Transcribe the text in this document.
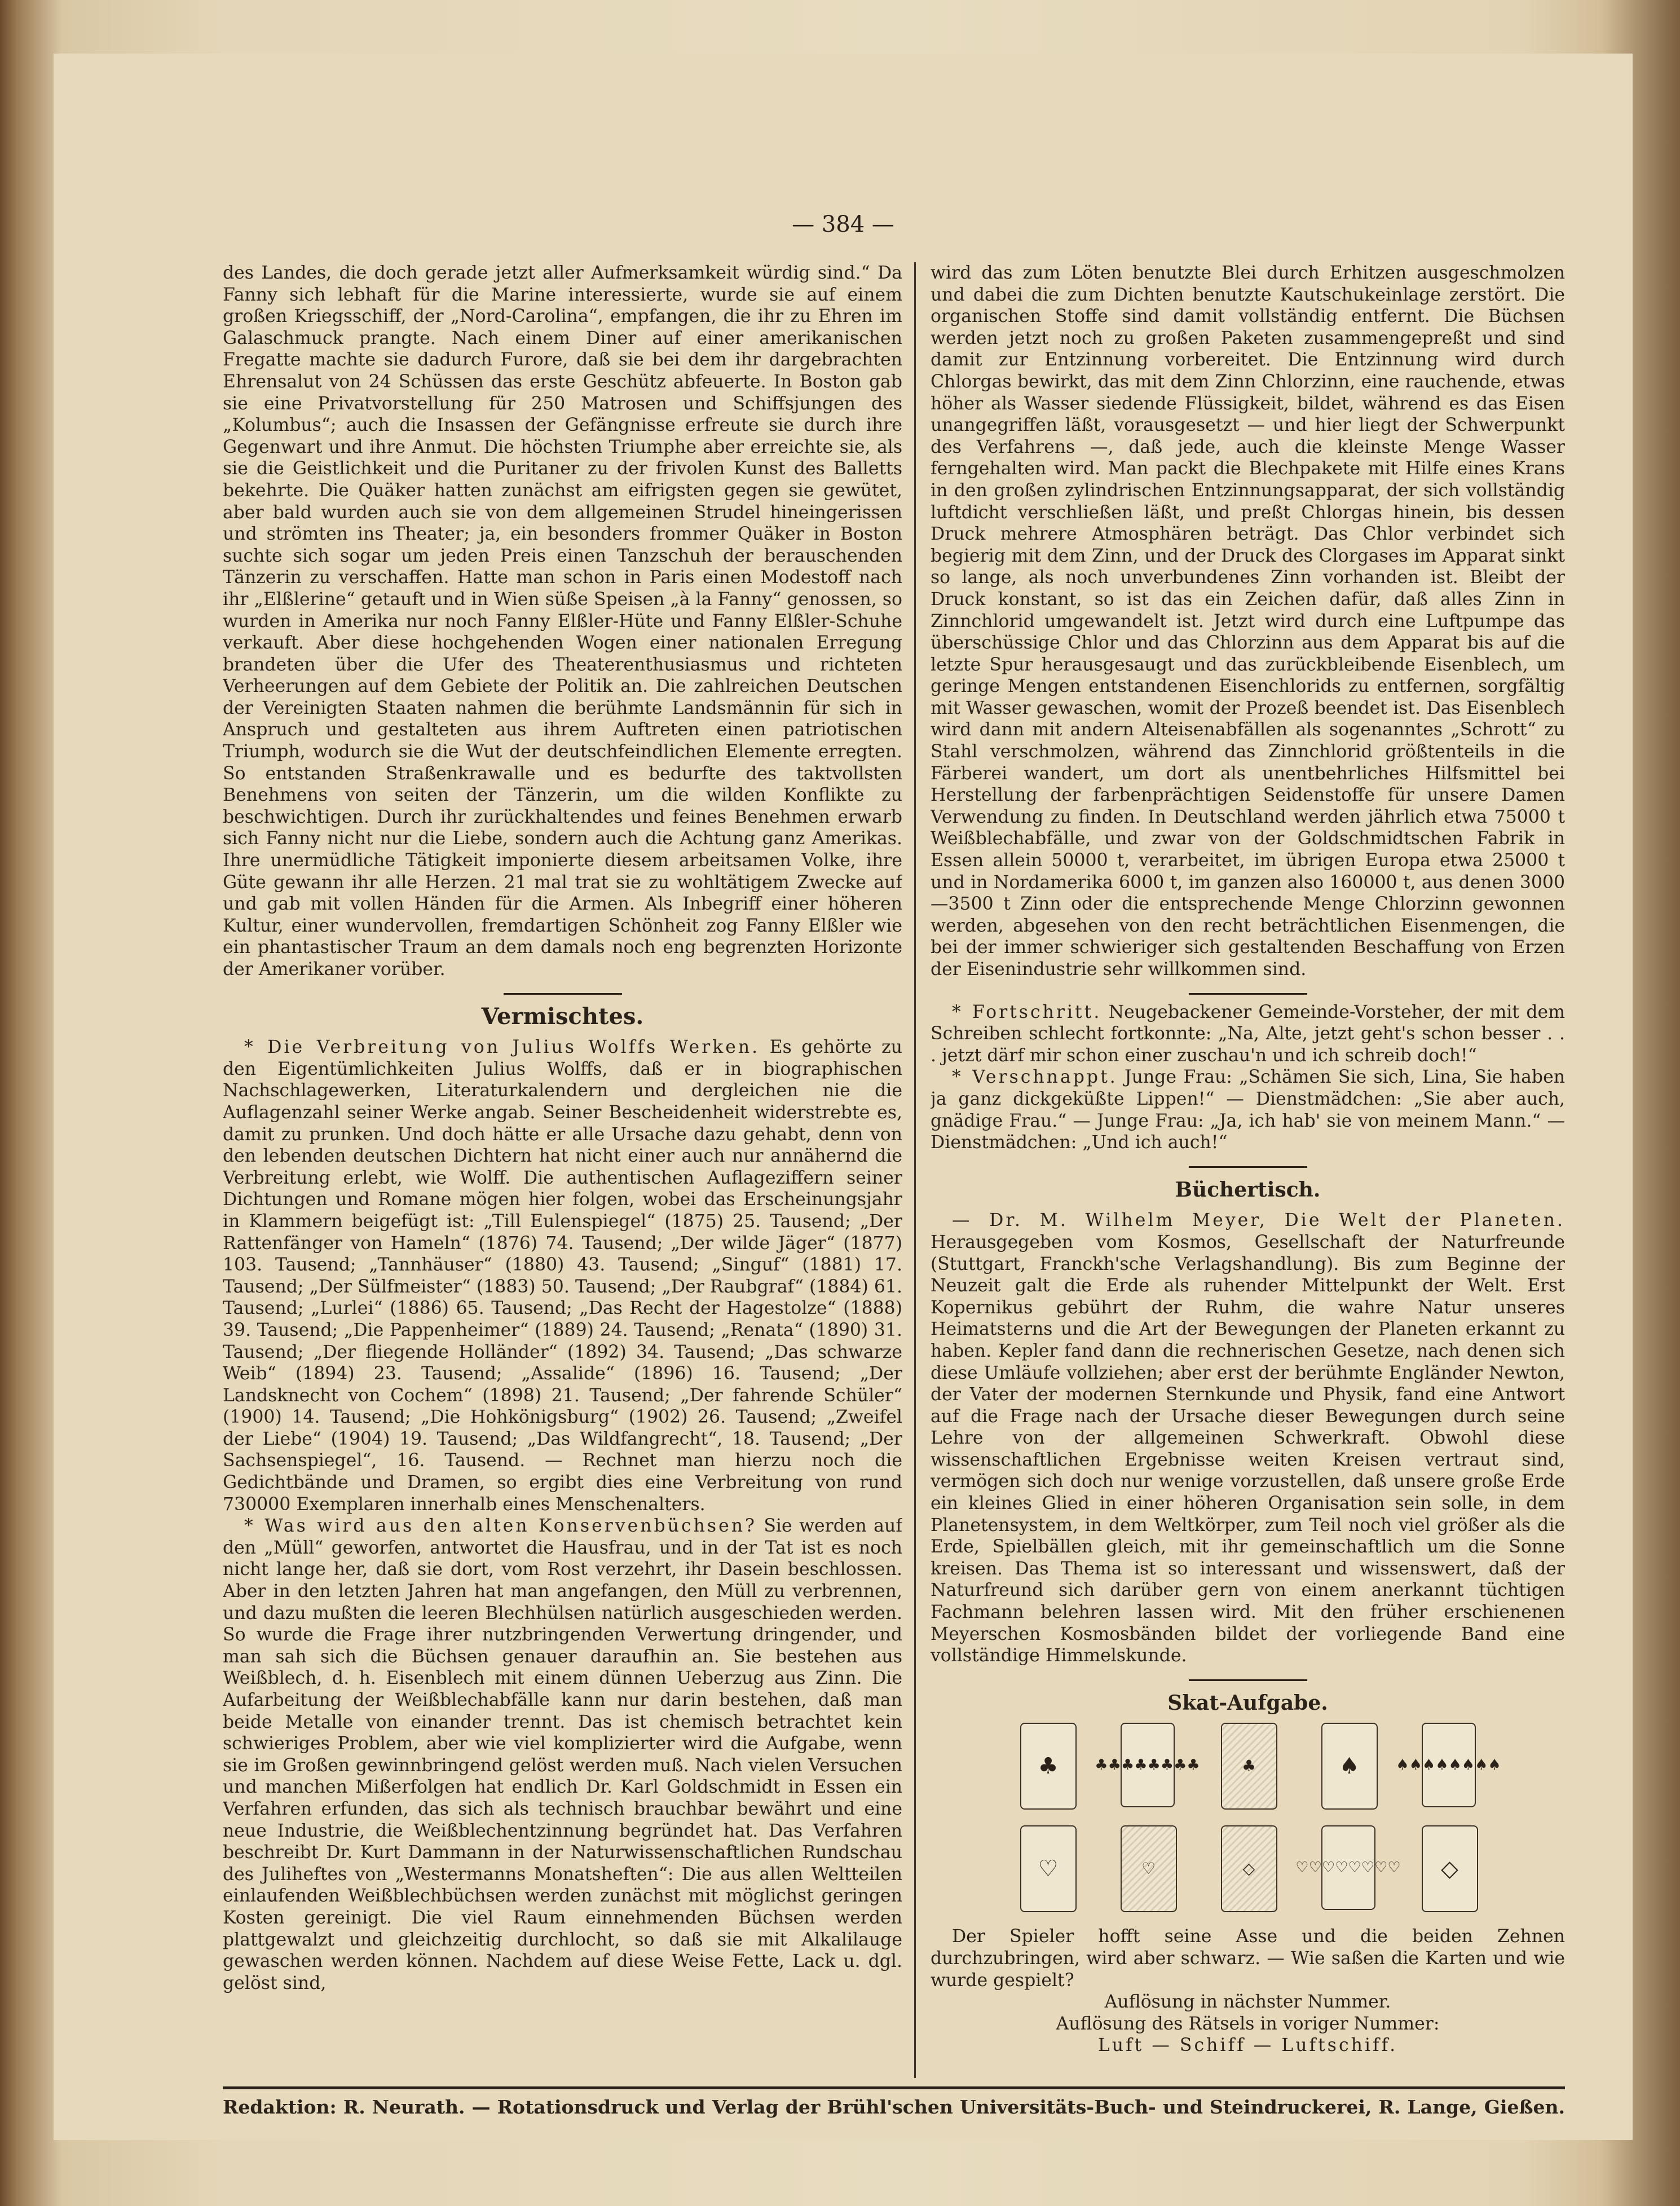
— 384 —

des Landes, die doch gerade jetzt aller Aufmerksamkeit würdig sind.“ Da Fanny sich lebhaft für die Marine interessierte, wurde sie auf einem großen Kriegsschiff, der „Nord-Carolina“, empfangen, die ihr zu Ehren im Galaschmuck prangte. Nach einem Diner auf einer amerikanischen Fregatte machte sie dadurch Furore, daß sie bei dem ihr dargebrachten Ehrensalut von 24 Schüssen das erste Geschütz abfeuerte. In Boston gab sie eine Privatvorstellung für 250 Matrosen und Schiffsjungen des „Kolumbus“; auch die Insassen der Gefängnisse erfreute sie durch ihre Gegenwart und ihre Anmut. Die höchsten Triumphe aber erreichte sie, als sie die Geistlichkeit und die Puritaner zu der frivolen Kunst des Balletts bekehrte. Die Quäker hatten zunächst am eifrigsten gegen sie gewütet, aber bald wurden auch sie von dem allgemeinen Strudel hineingerissen und strömten ins Theater; ja, ein besonders frommer Quäker in Boston suchte sich sogar um jeden Preis einen Tanzschuh der berauschenden Tänzerin zu verschaffen. Hatte man schon in Paris einen Modestoff nach ihr „Elßlerine“ getauft und in Wien süße Speisen „à la Fanny“ genossen, so wurden in Amerika nur noch Fanny Elßler-Hüte und Fanny Elßler-Schuhe verkauft. Aber diese hochgehenden Wogen einer nationalen Erregung brandeten über die Ufer des Theaterenthusiasmus und richteten Verheerungen auf dem Gebiete der Politik an. Die zahlreichen Deutschen der Vereinigten Staaten nahmen die berühmte Landsmännin für sich in Anspruch und gestalteten aus ihrem Auftreten einen patriotischen Triumph, wodurch sie die Wut der deutschfeindlichen Elemente erregten. So entstanden Straßenkrawalle und es bedurfte des taktvollsten Benehmens von seiten der Tänzerin, um die wilden Konflikte zu beschwichtigen. Durch ihr zurückhaltendes und feines Benehmen erwarb sich Fanny nicht nur die Liebe, sondern auch die Achtung ganz Amerikas. Ihre unermüdliche Tätigkeit imponierte diesem arbeitsamen Volke, ihre Güte gewann ihr alle Herzen. 21 mal trat sie zu wohltätigem Zwecke auf und gab mit vollen Händen für die Armen. Als Inbegriff einer höheren Kultur, einer wundervollen, fremdartigen Schönheit zog Fanny Elßler wie ein phantastischer Traum an dem damals noch eng begrenzten Horizonte der Amerikaner vorüber.

Vermischtes.

* Die Verbreitung von Julius Wolffs Werken. Es gehörte zu den Eigentümlichkeiten Julius Wolffs, daß er in biographischen Nachschlagewerken, Literaturkalendern und dergleichen nie die Auflagenzahl seiner Werke angab. Seiner Bescheidenheit widerstrebte es, damit zu prunken. Und doch hätte er alle Ursache dazu gehabt, denn von den lebenden deutschen Dichtern hat nicht einer auch nur annähernd die Verbreitung erlebt, wie Wolff. Die authentischen Auflageziffern seiner Dichtungen und Romane mögen hier folgen, wobei das Erscheinungsjahr in Klammern beigefügt ist: „Till Eulenspiegel“ (1875) 25. Tausend; „Der Rattenfänger von Hameln“ (1876) 74. Tausend; „Der wilde Jäger“ (1877) 103. Tausend; „Tannhäuser“ (1880) 43. Tausend; „Singuf“ (1881) 17. Tausend; „Der Sülfmeister“ (1883) 50. Tausend; „Der Raubgraf“ (1884) 61. Tausend; „Lurlei“ (1886) 65. Tausend; „Das Recht der Hagestolze“ (1888) 39. Tausend; „Die Pappenheimer“ (1889) 24. Tausend; „Renata“ (1890) 31. Tausend; „Der fliegende Holländer“ (1892) 34. Tausend; „Das schwarze Weib“ (1894) 23. Tausend; „Assalide“ (1896) 16. Tausend; „Der Landsknecht von Cochem“ (1898) 21. Tausend; „Der fahrende Schüler“ (1900) 14. Tausend; „Die Hohkönigsburg“ (1902) 26. Tausend; „Zweifel der Liebe“ (1904) 19. Tausend; „Das Wildfangrecht“, 18. Tausend; „Der Sachsenspiegel“, 16. Tausend. — Rechnet man hierzu noch die Gedichtbände und Dramen, so ergibt dies eine Verbreitung von rund 730000 Exemplaren innerhalb eines Menschenalters.

* Was wird aus den alten Konservenbüchsen? Sie werden auf den „Müll“ geworfen, antwortet die Hausfrau, und in der Tat ist es noch nicht lange her, daß sie dort, vom Rost verzehrt, ihr Dasein beschlossen. Aber in den letzten Jahren hat man angefangen, den Müll zu verbrennen, und dazu mußten die leeren Blechhülsen natürlich ausgeschieden werden. So wurde die Frage ihrer nutzbringenden Verwertung dringender, und man sah sich die Büchsen genauer daraufhin an. Sie bestehen aus Weißblech, d. h. Eisenblech mit einem dünnen Ueberzug aus Zinn. Die Aufarbeitung der Weißblechabfälle kann nur darin bestehen, daß man beide Metalle von einander trennt. Das ist chemisch betrachtet kein schwieriges Problem, aber wie viel komplizierter wird die Aufgabe, wenn sie im Großen gewinnbringend gelöst werden muß. Nach vielen Versuchen und manchen Mißerfolgen hat endlich Dr. Karl Goldschmidt in Essen ein Verfahren erfunden, das sich als technisch brauchbar bewährt und eine neue Industrie, die Weißblechentzinnung begründet hat. Das Verfahren beschreibt Dr. Kurt Dammann in der Naturwissenschaftlichen Rundschau des Juliheftes von „Westermanns Monatsheften“: Die aus allen Weltteilen einlaufenden Weißblechbüchsen werden zunächst mit möglichst geringen Kosten gereinigt. Die viel Raum einnehmenden Büchsen werden plattgewalzt und gleichzeitig durchlocht, so daß sie mit Alkalilauge gewaschen werden können. Nachdem auf diese Weise Fette, Lack u. dgl. gelöst sind,

wird das zum Löten benutzte Blei durch Erhitzen ausgeschmolzen und dabei die zum Dichten benutzte Kautschukeinlage zerstört. Die organischen Stoffe sind damit vollständig entfernt. Die Büchsen werden jetzt noch zu großen Paketen zusammengepreßt und sind damit zur Entzinnung vorbereitet. Die Entzinnung wird durch Chlorgas bewirkt, das mit dem Zinn Chlorzinn, eine rauchende, etwas höher als Wasser siedende Flüssigkeit, bildet, während es das Eisen unangegriffen läßt, vorausgesetzt — und hier liegt der Schwerpunkt des Verfahrens —, daß jede, auch die kleinste Menge Wasser ferngehalten wird. Man packt die Blechpakete mit Hilfe eines Krans in den großen zylindrischen Entzinnungsapparat, der sich vollständig luftdicht verschließen läßt, und preßt Chlorgas hinein, bis dessen Druck mehrere Atmosphären beträgt. Das Chlor verbindet sich begierig mit dem Zinn, und der Druck des Clorgases im Apparat sinkt so lange, als noch unverbundenes Zinn vorhanden ist. Bleibt der Druck konstant, so ist das ein Zeichen dafür, daß alles Zinn in Zinnchlorid umgewandelt ist. Jetzt wird durch eine Luftpumpe das überschüssige Chlor und das Chlorzinn aus dem Apparat bis auf die letzte Spur herausgesaugt und das zurückbleibende Eisenblech, um geringe Mengen entstandenen Eisenchlorids zu entfernen, sorgfältig mit Wasser gewaschen, womit der Prozeß beendet ist. Das Eisenblech wird dann mit andern Alteisenabfällen als sogenanntes „Schrott“ zu Stahl verschmolzen, während das Zinnchlorid größtenteils in die Färberei wandert, um dort als unentbehrliches Hilfsmittel bei Herstellung der farbenprächtigen Seidenstoffe für unsere Damen Verwendung zu finden. In Deutschland werden jährlich etwa 75000 t Weißblechabfälle, und zwar von der Goldschmidtschen Fabrik in Essen allein 50000 t, verarbeitet, im übrigen Europa etwa 25000 t und in Nordamerika 6000 t, im ganzen also 160000 t, aus denen 3000—3500 t Zinn oder die entsprechende Menge Chlorzinn gewonnen werden, abgesehen von den recht beträchtlichen Eisenmengen, die bei der immer schwieriger sich gestaltenden Beschaffung von Erzen der Eisenindustrie sehr willkommen sind.

* Fortschritt. Neugebackener Gemeinde-Vorsteher, der mit dem Schreiben schlecht fortkonnte: „Na, Alte, jetzt geht's schon besser . . . jetzt därf mir schon einer zuschau'n und ich schreib doch!“

* Verschnappt. Junge Frau: „Schämen Sie sich, Lina, Sie haben ja ganz dickgeküßte Lippen!“ — Dienstmädchen: „Sie aber auch, gnädige Frau.“ — Junge Frau: „Ja, ich hab' sie von meinem Mann.“ — Dienstmädchen: „Und ich auch!“

Büchertisch.

— Dr. M. Wilhelm Meyer, Die Welt der Planeten. Herausgegeben vom Kosmos, Gesellschaft der Naturfreunde (Stuttgart, Franckh'sche Verlagshandlung). Bis zum Beginne der Neuzeit galt die Erde als ruhender Mittelpunkt der Welt. Erst Kopernikus gebührt der Ruhm, die wahre Natur unseres Heimatsterns und die Art der Bewegungen der Planeten erkannt zu haben. Kepler fand dann die rechnerischen Gesetze, nach denen sich diese Umläufe vollziehen; aber erst der berühmte Engländer Newton, der Vater der modernen Sternkunde und Physik, fand eine Antwort auf die Frage nach der Ursache dieser Bewegungen durch seine Lehre von der allgemeinen Schwerkraft. Obwohl diese wissenschaftlichen Ergebnisse weiten Kreisen vertraut sind, vermögen sich doch nur wenige vorzustellen, daß unsere große Erde ein kleines Glied in einer höheren Organisation sein solle, in dem Planetensystem, in dem Weltkörper, zum Teil noch viel größer als die Erde, Spielbällen gleich, mit ihr gemeinschaftlich um die Sonne kreisen. Das Thema ist so interessant und wissenswert, daß der Naturfreund sich darüber gern von einem anerkannt tüchtigen Fachmann belehren lassen wird. Mit den früher erschienenen Meyerschen Kosmosbänden bildet der vorliegende Band eine vollständige Himmelskunde.

Skat-Aufgabe.
♣	♣♣♣♣♣♣♣♣	♣	♠	♠♠♠♠♠♠♠♠
♡	♡	◇	♡♡♡♡♡♡♡♡	◇

Der Spieler hofft seine Asse und die beiden Zehnen durchzubringen, wird aber schwarz. — Wie saßen die Karten und wie wurde gespielt?

Auflösung in nächster Nummer.

Auflösung des Rätsels in voriger Nummer:

Luft — Schiff — Luftschiff.

Redaktion: R. Neurath. — Rotationsdruck und Verlag der Brühl'schen Universitäts-Buch- und Steindruckerei, R. Lange, Gießen.
